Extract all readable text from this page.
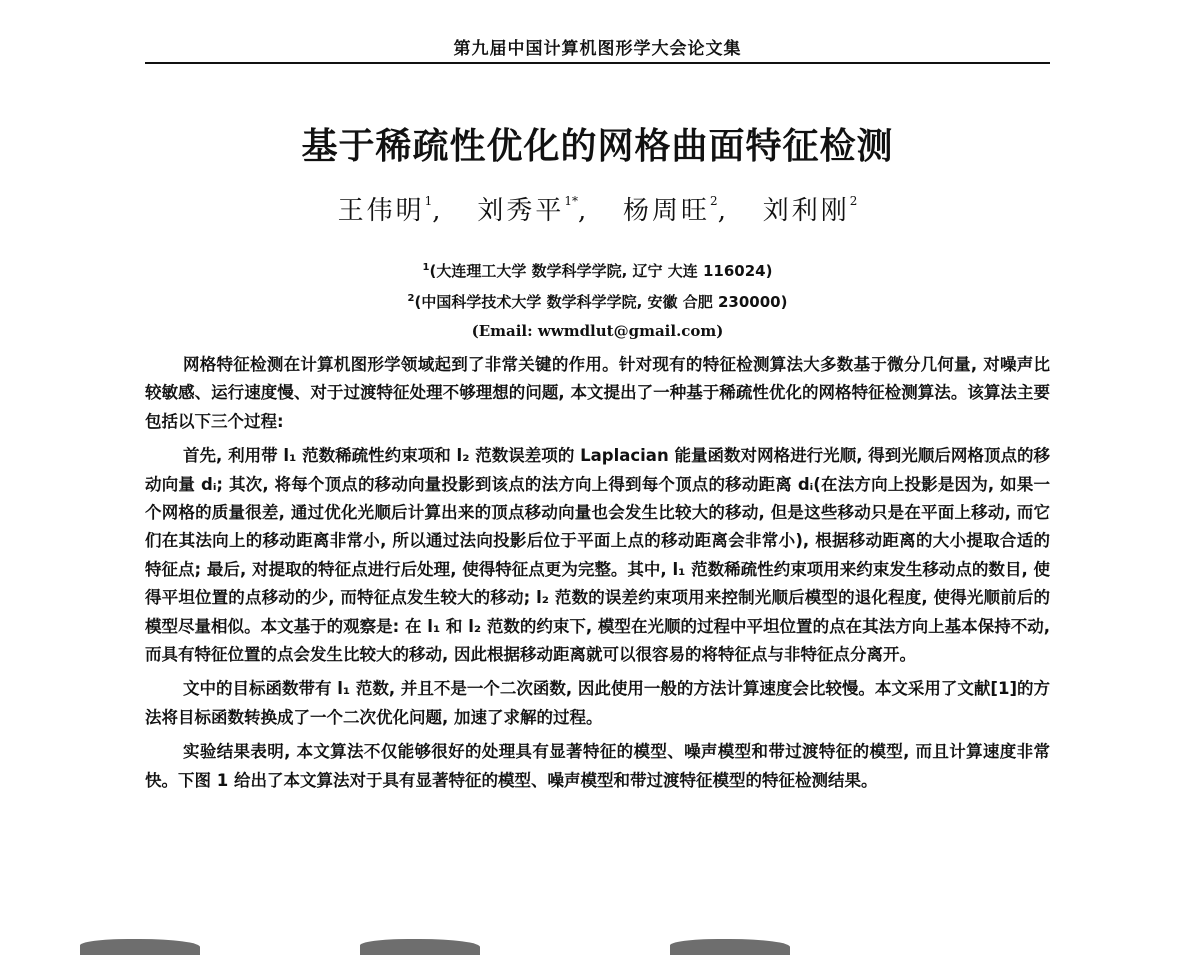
第九届中国计算机图形学大会论文集
基于稀疏性优化的网格曲面特征检测
王伟明$^1$,   刘秀平$^{1*}$,   杨周旺$^2$,   刘利刚$^2$
$^1$(大连理工大学 数学科学学院, 辽宁 大连 116024)
$^2$(中国科学技术大学 数学科学学院, 安徽 合肥 230000)
(Email: wwmdlut@gmail.com)

网格特征检测在计算机图形学领域起到了非常关键的作用。针对现有的特征检测算法大多数基于微分几何量, 对噪声比较敏感、运行速度慢、对于过渡特征处理不够理想的问题, 本文提出了一种基于稀疏性优化的网格特征检测算法。该算法主要包括以下三个过程:

首先, 利用带 l₁ 范数稀疏性约束项和 l₂ 范数误差项的 Laplacian 能量函数对网格进行光顺, 得到光顺后网格顶点的移动向量 dᵢ; 其次, 将每个顶点的移动向量投影到该点的法方向上得到每个顶点的移动距离 dᵢ(在法方向上投影是因为, 如果一个网格的质量很差, 通过优化光顺后计算出来的顶点移动向量也会发生比较大的移动, 但是这些移动只是在平面上移动, 而它们在其法向上的移动距离非常小, 所以通过法向投影后位于平面上点的移动距离会非常小), 根据移动距离的大小提取合适的特征点; 最后, 对提取的特征点进行后处理, 使得特征点更为完整。其中, l₁ 范数稀疏性约束项用来约束发生移动点的数目, 使得平坦位置的点移动的少, 而特征点发生较大的移动; l₂ 范数的误差约束项用来控制光顺后模型的退化程度, 使得光顺前后的模型尽量相似。本文基于的观察是: 在 l₁ 和 l₂ 范数的约束下, 模型在光顺的过程中平坦位置的点在其法方向上基本保持不动, 而具有特征位置的点会发生比较大的移动, 因此根据移动距离就可以很容易的将特征点与非特征点分离开。

文中的目标函数带有 l₁ 范数, 并且不是一个二次函数, 因此使用一般的方法计算速度会比较慢。本文采用了文献[1]的方法将目标函数转换成了一个二次优化问题, 加速了求解的过程。

实验结果表明, 本文算法不仅能够很好的处理具有显著特征的模型、噪声模型和带过渡特征的模型, 而且计算速度非常快。下图 1 给出了本文算法对于具有显著特征的模型、噪声模型和带过渡特征模型的特征检测结果。
